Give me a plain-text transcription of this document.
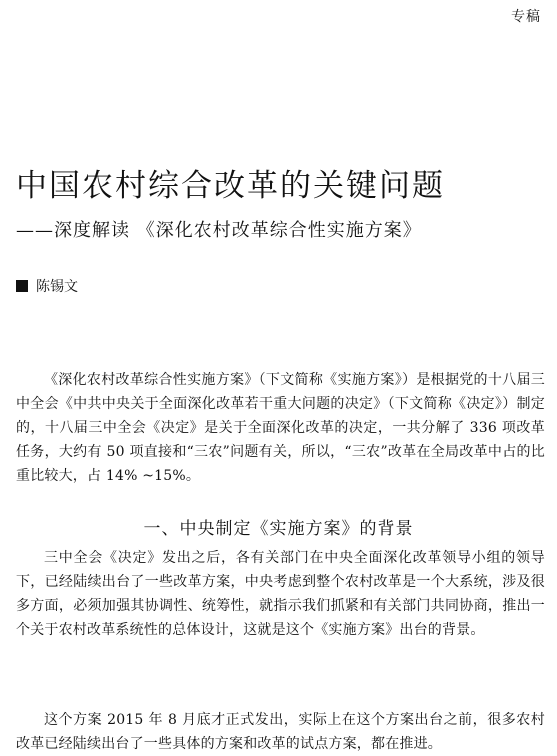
专稿
中国农村综合改革的关键问题
——深度解读 《深化农村改革综合性实施方案》
陈锡文

《深化农村改革综合性实施方案》（下文简称《实施方案》）是根据党的十八届三中全会《中共中央关于全面深化改革若干重大问题的决定》（下文简称《决定》）制定的，十八届三中全会《决定》是关于全面深化改革的决定，一共分解了 336 项改革任务，大约有 50 项直接和“三农”问题有关，所以，“三农”改革在全局改革中占的比重比较大，占 14% ~15%。

一、中央制定《实施方案》的背景

三中全会《决定》发出之后，各有关部门在中央全面深化改革领导小组的领导下，已经陆续出台了一些改革方案，中央考虑到整个农村改革是一个大系统，涉及很多方面，必须加强其协调性、统筹性，就指示我们抓紧和有关部门共同协商，推出一个关于农村改革系统性的总体设计，这就是这个《实施方案》出台的背景。

这个方案 2015 年 8 月底才正式发出，实际上在这个方案出台之前，很多农村改革已经陆续出台了一些具体的方案和改革的试点方案，都在推进。
